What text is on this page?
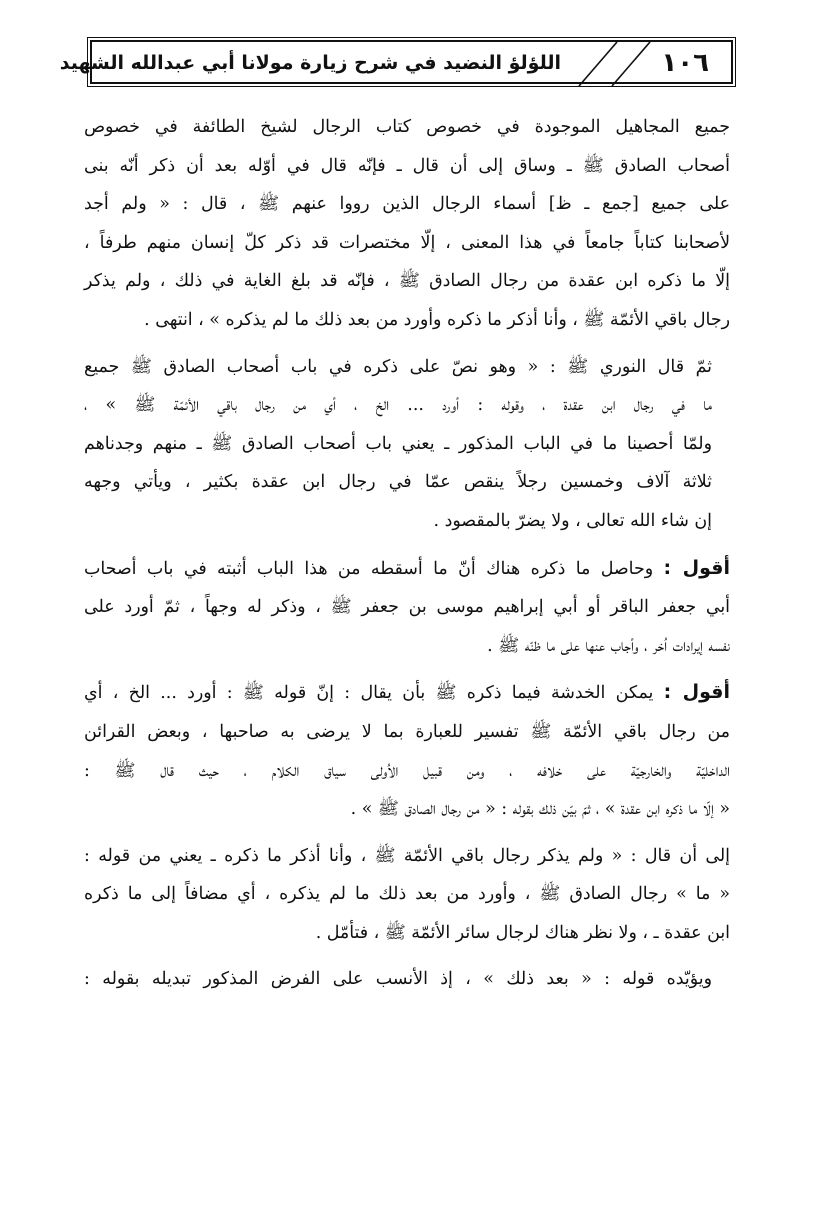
١٠٦
اللؤلؤ النضيد في شرح زيارة مولانا أبي عبدالله الشهيد
جميع المجاهيل الموجودة في خصوص كتاب الرجال لشيخ الطائفة في خصوص
أصحاب الصادق ﷺ ـ وساق إلى أن قال ـ فإنّه قال في أوّله بعد أن ذكر أنّه بنى
على جميع [جمع ـ ظ] أسماء الرجال الذين رووا عنهم ﷺ ، قال : « ولم أجد
لأصحابنا كتاباً جامعاً في هذا المعنى ، إلّا مختصرات قد ذكر كلّ إنسان منهم طرفاً ،
إلّا ما ذكره ابن عقدة من رجال الصادق ﷺ ، فإنّه قد بلغ الغاية في ذلك ، ولم يذكر
رجال باقي الأئمّة ﷺ ، وأنا أذكر ما ذكره وأورد من بعد ذلك ما لم يذكره » ، انتهى .
ثمّ قال النوري ﷺ : « وهو نصّ على ذكره في باب أصحاب الصادق ﷺ جميع
ما في رجال ابن عقدة ، وقوله : أورد ... الخ ، أي من رجال باقي الأئمّة ﷺ » ،
ولمّا أحصينا ما في الباب المذكور ـ يعني باب أصحاب الصادق ﷺ ـ منهم وجدناهم
ثلاثة آلاف وخمسين رجلاً ينقص عمّا في رجال ابن عقدة بكثير ، ويأتي وجهه
إن شاء الله تعالى ، ولا يضرّ بالمقصود .
أقول : وحاصل ما ذكره هناك أنّ ما أسقطه من هذا الباب أثبته في باب أصحاب
أبي جعفر الباقر أو أبي إبراهيم موسى بن جعفر ﷺ ، وذكر له وجهاً ، ثمّ أورد على
نفسه إيرادات اُخر ، وأجاب عنها على ما ظنّه ﷺ .
أقول : يمكن الخدشة فيما ذكره ﷺ بأن يقال : إنّ قوله ﷺ : أورد ... الخ ، أي
من رجال باقي الأئمّة ﷺ تفسير للعبارة بما لا يرضى به صاحبها ، وبعض القرائن
الداخليّة والخارجيّة على خلافه ، ومن قبيل الاُولى سياق الكلام ، حيث قال ﷺ :
« إلّا ما ذكره ابن عقدة » ، ثمّ بيّن ذلك بقوله : « من رجال الصادق ﷺ » .
إلى أن قال : « ولم يذكر رجال باقي الأئمّة ﷺ ، وأنا أذكر ما ذكره ـ يعني من قوله :
« ما » رجال الصادق ﷺ ، وأورد من بعد ذلك ما لم يذكره ، أي مضافاً إلى ما ذكره
ابن عقدة ـ ، ولا نظر هناك لرجال سائر الأئمّة ﷺ ، فتأمّل .
ويؤيّده قوله : « بعد ذلك » ، إذ الأنسب على الفرض المذكور تبديله بقوله :
